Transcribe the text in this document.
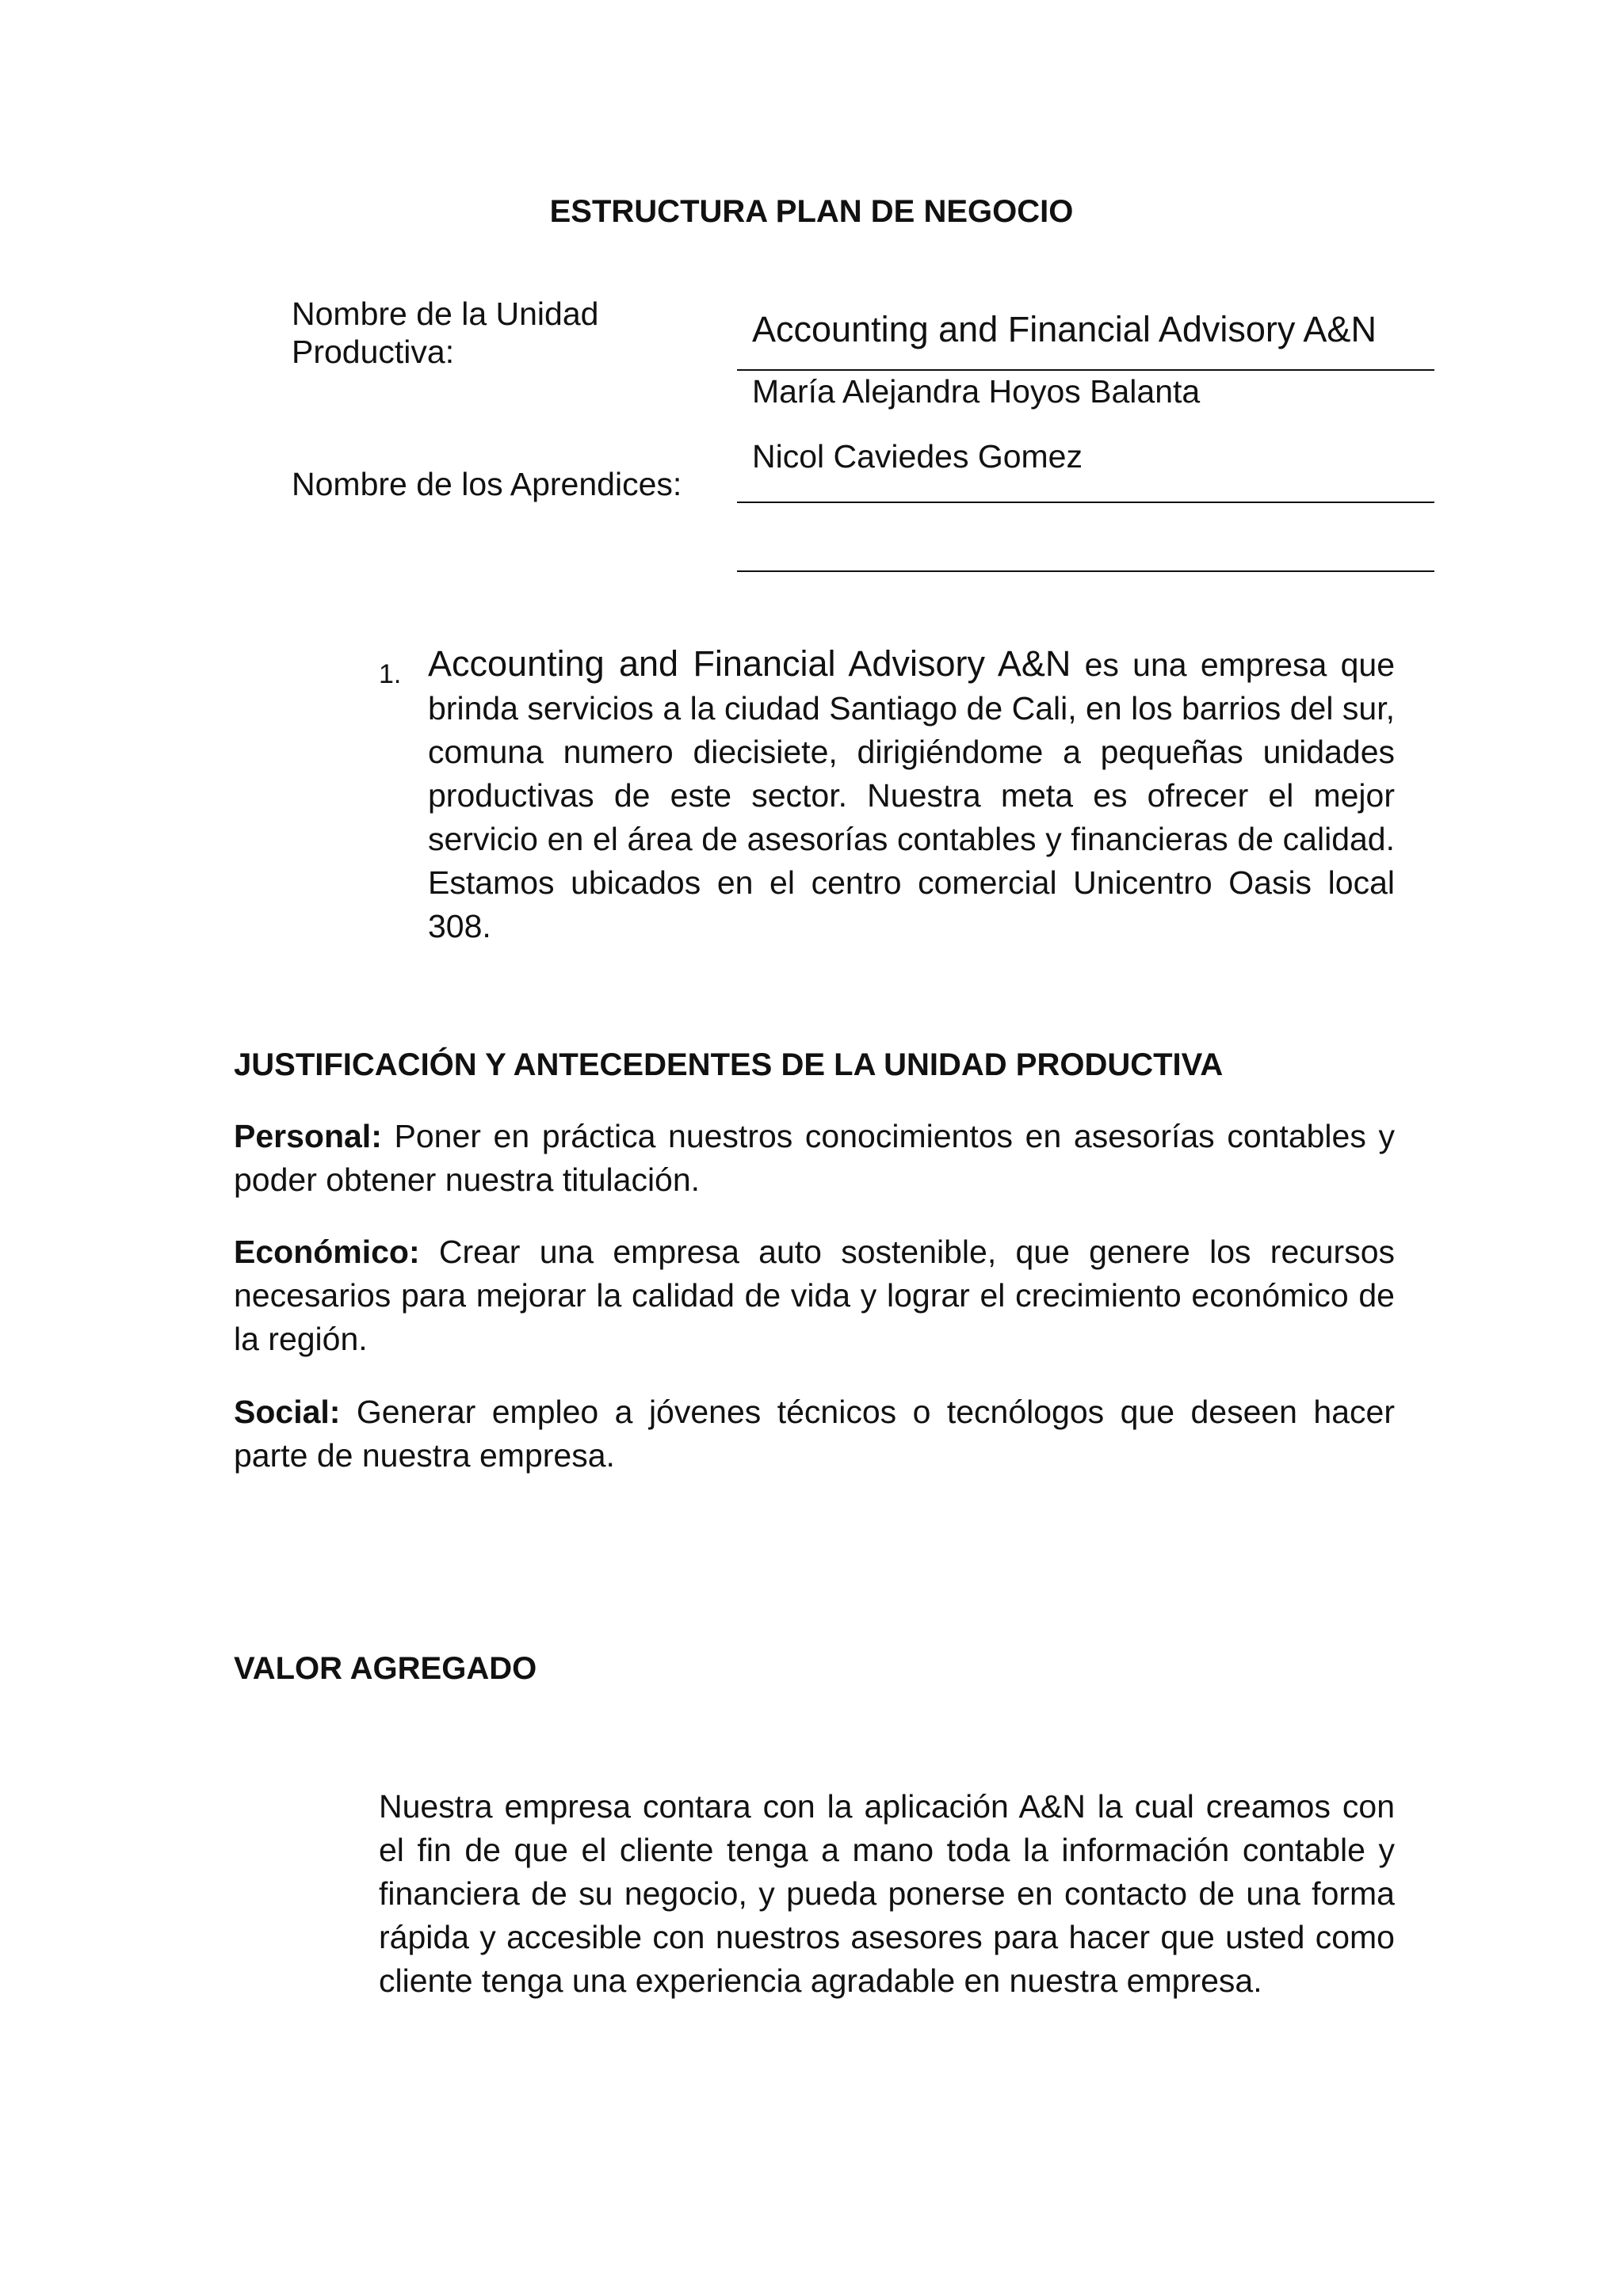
ESTRUCTURA PLAN DE NEGOCIO
Nombre de la Unidad Productiva:
Accounting and Financial Advisory A&N
María Alejandra Hoyos Balanta
Nombre de los Aprendices:
Nicol Caviedes Gomez
1. Accounting and Financial Advisory A&N es una empresa que brinda servicios a la ciudad Santiago de Cali, en los barrios del sur, comuna numero diecisiete, dirigiéndome a pequeñas unidades productivas de este sector. Nuestra meta es ofrecer el mejor servicio en el área de asesorías contables y financieras de calidad. Estamos ubicados en el centro comercial Unicentro Oasis local 308.
JUSTIFICACIÓN Y ANTECEDENTES DE LA UNIDAD PRODUCTIVA
Personal: Poner en práctica nuestros conocimientos en asesorías contables y poder obtener nuestra titulación.
Económico: Crear una empresa auto sostenible, que genere los recursos necesarios para mejorar la calidad de vida y lograr el crecimiento económico de la región.
Social: Generar empleo a jóvenes técnicos o tecnólogos que deseen hacer parte de nuestra empresa.
VALOR AGREGADO
Nuestra empresa contara con la aplicación A&N la cual creamos con el fin de que el cliente tenga a mano toda la información contable y financiera de su negocio, y pueda ponerse en contacto de una forma rápida y accesible con nuestros asesores para hacer que usted como cliente tenga una experiencia agradable en nuestra empresa.
